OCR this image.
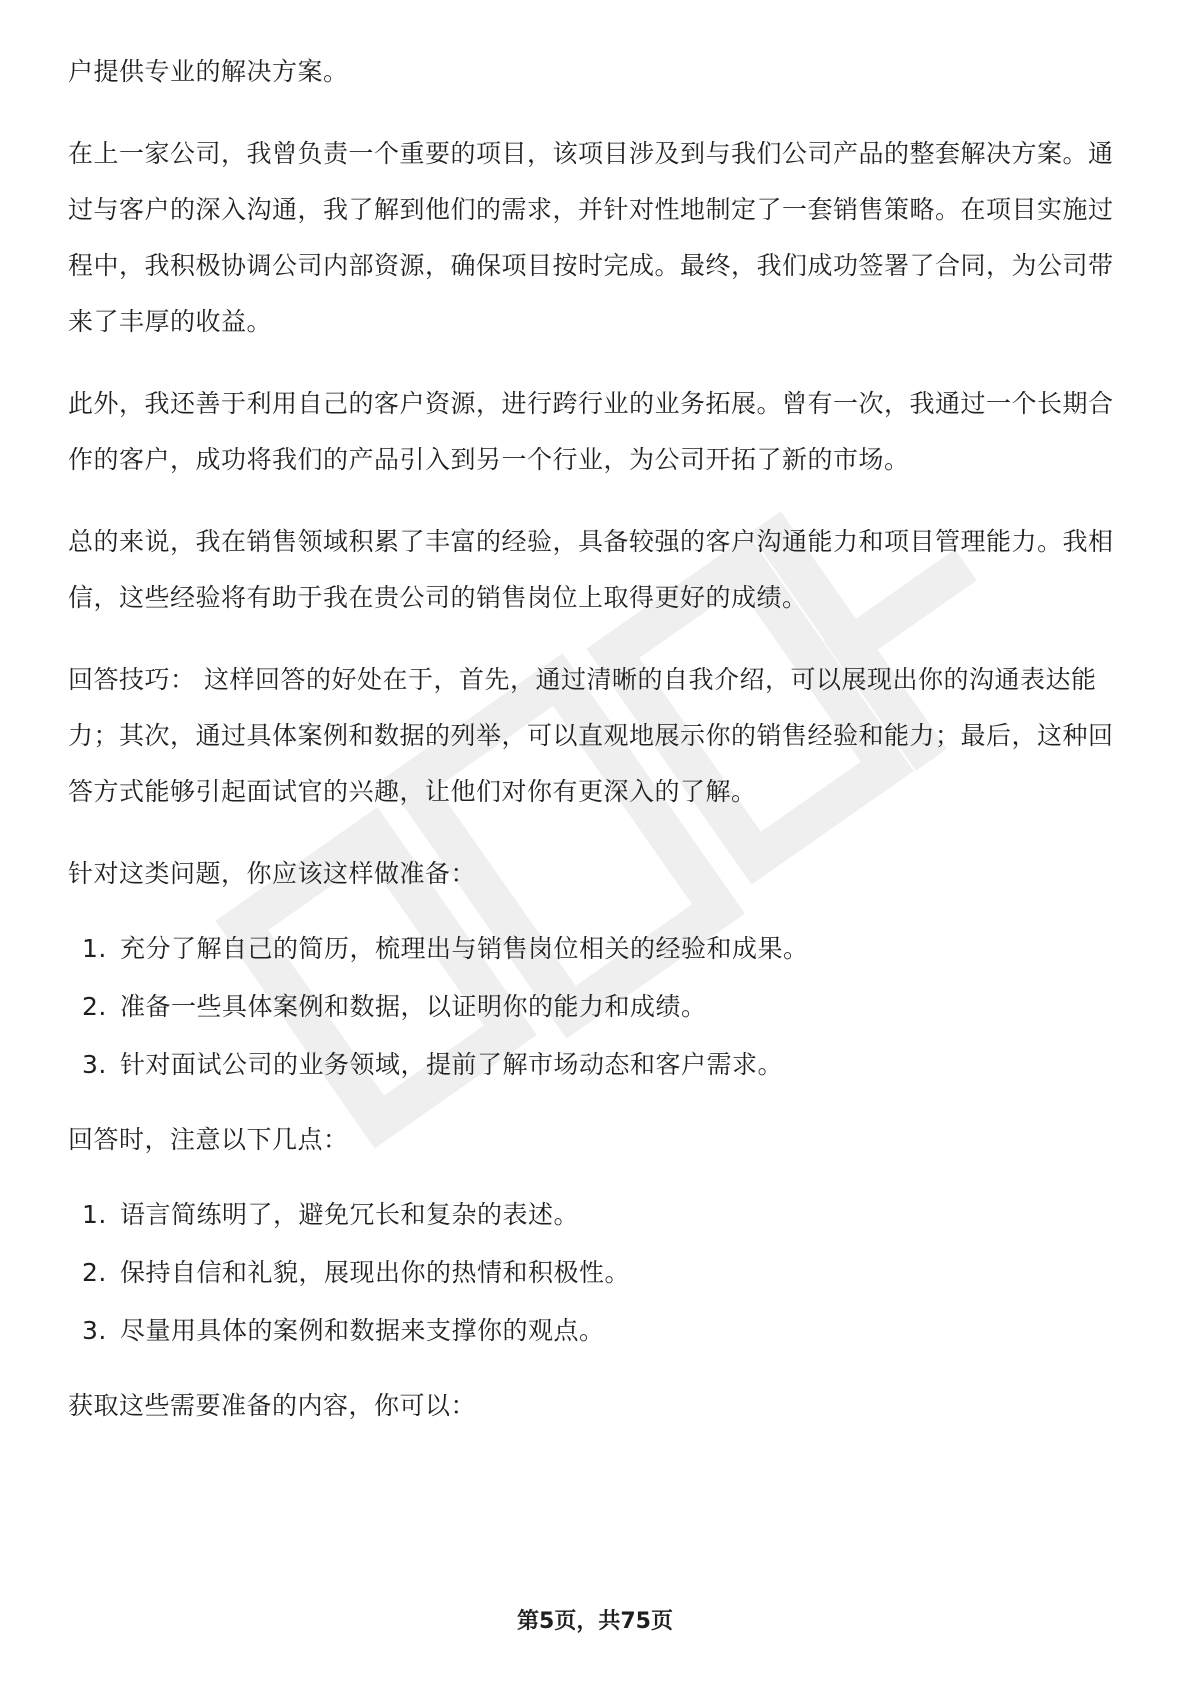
户提供专业的解决方案。

在上一家公司，我曾负责一个重要的项目，该项目涉及到与我们公司产品的整套解决方案。通过与客户的深入沟通，我了解到他们的需求，并针对性地制定了一套销售策略。在项目实施过程中，我积极协调公司内部资源，确保项目按时完成。最终，我们成功签署了合同，为公司带来了丰厚的收益。

此外，我还善于利用自己的客户资源，进行跨行业的业务拓展。曾有一次，我通过一个长期合作的客户，成功将我们的产品引入到另一个行业，为公司开拓了新的市场。

总的来说，我在销售领域积累了丰富的经验，具备较强的客户沟通能力和项目管理能力。我相信，这些经验将有助于我在贵公司的销售岗位上取得更好的成绩。

回答技巧： 这样回答的好处在于，首先，通过清晰的自我介绍，可以展现出你的沟通表达能力；其次，通过具体案例和数据的列举，可以直观地展示你的销售经验和能力；最后，这种回答方式能够引起面试官的兴趣，让他们对你有更深入的了解。

针对这类问题，你应该这样做准备：

1. 充分了解自己的简历，梳理出与销售岗位相关的经验和成果。
2. 准备一些具体案例和数据，以证明你的能力和成绩。
3. 针对面试公司的业务领域，提前了解市场动态和客户需求。

回答时，注意以下几点：

1. 语言简练明了，避免冗长和复杂的表述。
2. 保持自信和礼貌，展现出你的热情和积极性。
3. 尽量用具体的案例和数据来支撑你的观点。

获取这些需要准备的内容，你可以：

第5页，共75页
